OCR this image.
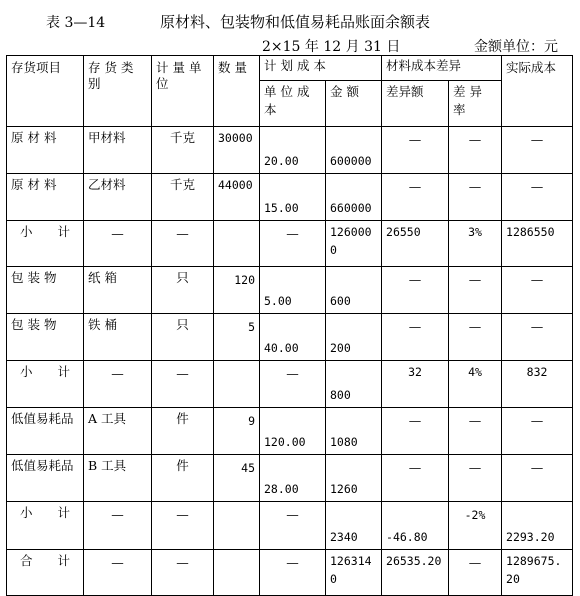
表 3—14	原材料、包装物和低值易耗品账面余额表
2×15 年 12 月 31 日	金额单位：元
存货项目	存 货 类 别	计 量 单 位	数 量	计 划 成 本		材料成本差异		实际成本
				单 位 成 本	金 额	差异额	差 异 率	
原 材 料	甲材料	千克	30000	20.00	600000	—	—	—
原 材 料	乙材料	千克	44000	15.00	660000	—	—	—
小　　计	—	—		—	1260000	26550	3%	1286550
包 装 物	纸 箱	只	120	5.00	600	—	—	—
包 装 物	铁 桶	只	5	40.00	200	—	—	—
小　　计	—	—		—	800	32	4%	832
低值易耗品	A 工具	件	9	120.00	1080	—	—	—
低值易耗品	B 工具	件	45	28.00	1260	—	—	—
小　　计	—	—		—	2340	-46.80	-2%	2293.20
合　　计	—	—		—	1263140	26535.20	—	1289675.20
